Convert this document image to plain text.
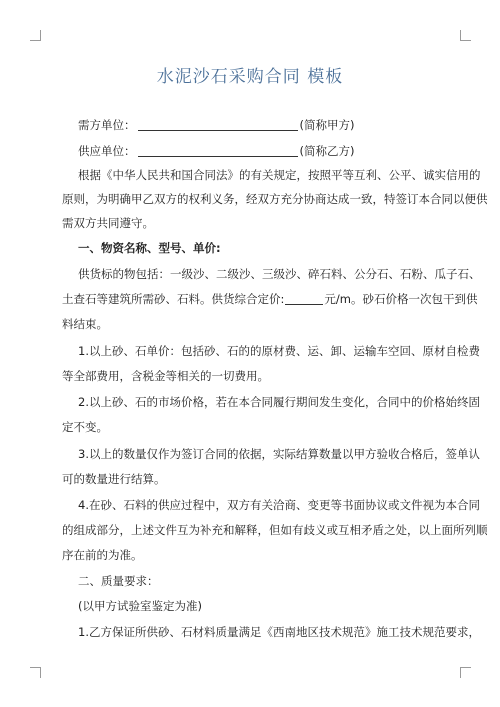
水泥沙石采购合同 模板
需方单位：	(简称甲方)
供应单位：	(简称乙方)
根据《中华人民共和国合同法》的有关规定，按照平等互利、公平、诚实信用的
原则，为明确甲乙双方的权利义务，经双方充分协商达成一致，特签订本合同以便供
需双方共同遵守。
一、物资名称、型号、单价:
供货标的物包括：一级沙、二级沙、三级沙、碎石料、公分石、石粉、瓜子石、
土查石等建筑所需砂、石料。供货综合定价:	元/m。砂石价格一次包干到供
料结束。
1.以上砂、石单价：包括砂、石的的原材费、运、卸、运输车空回、原材自检费
等全部费用，含税金等相关的一切费用。
2.以上砂、石的市场价格，若在本合同履行期间发生变化，合同中的价格始终固
定不变。
3.以上的数量仅作为签订合同的依据，实际结算数量以甲方验收合格后，签单认
可的数量进行结算。
4.在砂、石料的供应过程中，双方有关洽商、变更等书面协议或文件视为本合同
的组成部分，上述文件互为补充和解释，但如有歧义或互相矛盾之处，以上面所列顺
序在前的为准。
二、质量要求：
(以甲方试验室鉴定为准)
1.乙方保证所供砂、石材料质量满足《西南地区技术规范》施工技术规范要求，
